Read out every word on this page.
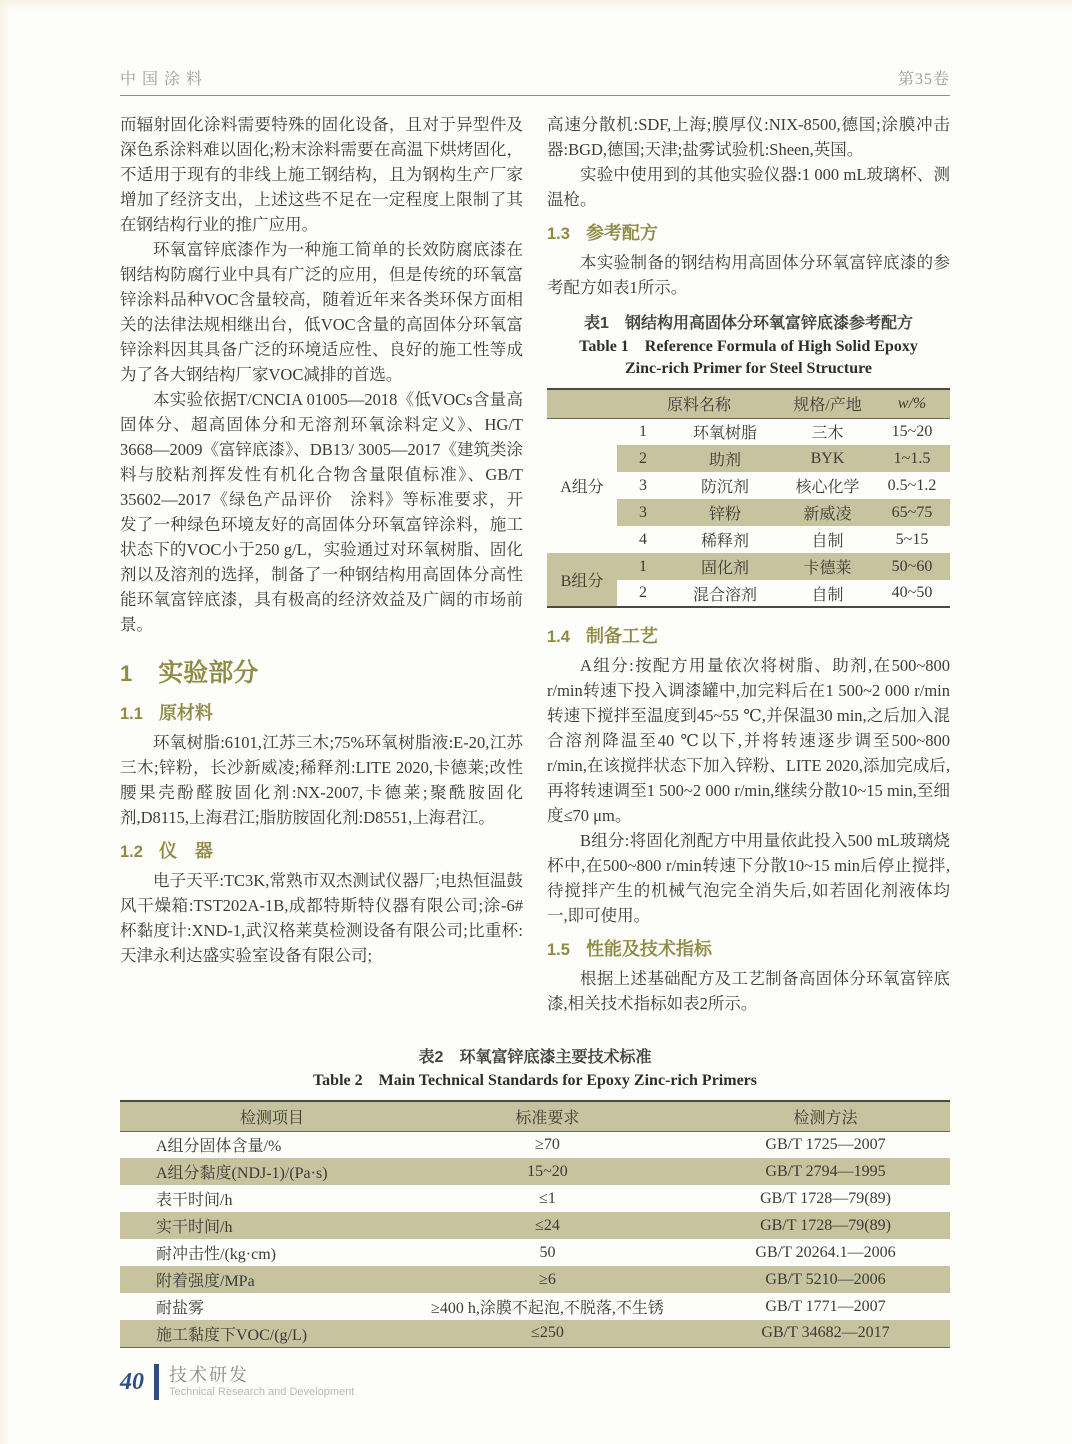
中国涂料	第35卷

而辐射固化涂料需要特殊的固化设备，且对于异型件及深色系涂料难以固化;粉末涂料需要在高温下烘烤固化，不适用于现有的非线上施工钢结构，且为钢构生产厂家增加了经济支出，上述这些不足在一定程度上限制了其在钢结构行业的推广应用。

环氧富锌底漆作为一种施工简单的长效防腐底漆在钢结构防腐行业中具有广泛的应用，但是传统的环氧富锌涂料品种VOC含量较高，随着近年来各类环保方面相关的法律法规相继出台，低VOC含量的高固体分环氧富锌涂料因其具备广泛的环境适应性、良好的施工性等成为了各大钢结构厂家VOC减排的首选。

本实验依据T/CNCIA 01005—2018《低VOCs含量高固体分、超高固体分和无溶剂环氧涂料定义》、HG/T 3668—2009《富锌底漆》、DB13/ 3005—2017《建筑类涂料与胶粘剂挥发性有机化合物含量限值标准》、GB/T 35602—2017《绿色产品评价　涂料》等标准要求，开发了一种绿色环境友好的高固体分环氧富锌涂料，施工状态下的VOC小于250 g/L，实验通过对环氧树脂、固化剂以及溶剂的选择，制备了一种钢结构用高固体分高性能环氧富锌底漆，具有极高的经济效益及广阔的市场前景。

1 实验部分
1.1 原材料

环氧树脂:6101,江苏三木;75%环氧树脂液:E-20,江苏三木;锌粉，长沙新威凌;稀释剂:LITE 2020,卡德莱;改性腰果壳酚醛胺固化剂:NX-2007,卡德莱;聚酰胺固化剂,D8115,上海君江;脂肪胺固化剂:D8551,上海君江。

1.2 仪　器

电子天平:TC3K,常熟市双杰测试仪器厂;电热恒温鼓风干燥箱:TST202A-1B,成都特斯特仪器有限公司;涂-6#杯黏度计:XND-1,武汉格莱莫检测设备有限公司;比重杯:天津永利达盛实验室设备有限公司;

高速分散机:SDF,上海;膜厚仪:NIX-8500,德国;涂膜冲击器:BGD,德国;天津;盐雾试验机:Sheen,英国。

实验中使用到的其他实验仪器:1 000 mL玻璃杯、测温枪。

1.3 参考配方

本实验制备的钢结构用高固体分环氧富锌底漆的参考配方如表1所示。

表1　钢结构用高固体分环氧富锌底漆参考配方
Table 1　Reference Formula of High Solid Epoxy
Zinc-rich Primer for Steel Structure
	原料名称		规格/产地	w/%
A组分	1	环氧树脂	三木	15~20
	2	助剂	BYK	1~1.5
	3	防沉剂	核心化学	0.5~1.2
	3	锌粉	新威凌	65~75
	4	稀释剂	自制	5~15
B组分	1	固化剂	卡德莱	50~60
	2	混合溶剂	自制	40~50
1.4 制备工艺

A组分:按配方用量依次将树脂、助剂,在500~800 r/min转速下投入调漆罐中,加完料后在1 500~2 000 r/min转速下搅拌至温度到45~55 ℃,并保温30 min,之后加入混合溶剂降温至40 ℃以下,并将转速逐步调至500~800 r/min,在该搅拌状态下加入锌粉、LITE 2020,添加完成后,再将转速调至1 500~2 000 r/min,继续分散10~15 min,至细度≤70 μm。

B组分:将固化剂配方中用量依此投入500 mL玻璃烧杯中,在500~800 r/min转速下分散10~15 min后停止搅拌,待搅拌产生的机械气泡完全消失后,如若固化剂液体均一,即可使用。

1.5 性能及技术指标

根据上述基础配方及工艺制备高固体分环氧富锌底漆,相关技术指标如表2所示。

表2　环氧富锌底漆主要技术标准
Table 2　Main Technical Standards for Epoxy Zinc-rich Primers
检测项目	标准要求	检测方法
A组分固体含量/%	≥70	GB/T 1725—2007
A组分黏度(NDJ-1)/(Pa·s)	15~20	GB/T 2794—1995
表干时间/h	≤1	GB/T 1728—79(89)
实干时间/h	≤24	GB/T 1728—79(89)
耐冲击性/(kg·cm)	50	GB/T 20264.1—2006
附着强度/MPa	≥6	GB/T 5210—2006
耐盐雾	≥400 h,涂膜不起泡,不脱落,不生锈	GB/T 1771—2007
施工黏度下VOC/(g/L)	≤250	GB/T 34682—2017
40 技术研发
Technical Research and Development
